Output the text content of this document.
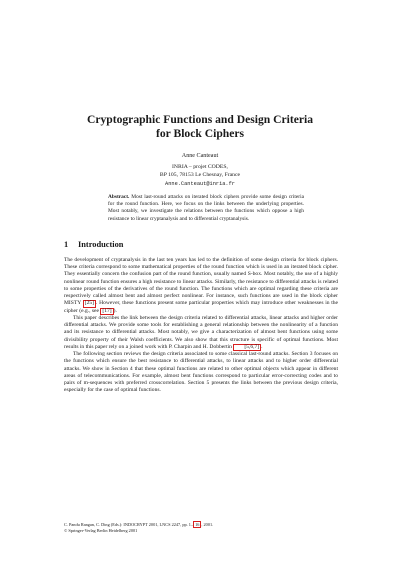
Cryptographic Functions and Design Criteria
for Block Ciphers
Anne Canteaut
INRIA – projet CODES,
BP 105, 78153 Le Chesnay, France
Anne.Canteaut@inria.fr
Abstract. Most last-round attacks on iterated block ciphers provide some design criteria for the round function. Here, we focus on the links between the underlying properties. Most notably, we investigate the relations between the functions which oppose a high resistance to linear cryptanalysis and to differential cryptanalysis.
1 Introduction

The development of cryptanalysis in the last ten years has led to the definition of some design criteria for block ciphers. These criteria correspond to some mathematical properties of the round function which is used in an iterated block cipher. They essentially concern the confusion part of the round function, usually named S-box. Most notably, the use of a highly nonlinear round function ensures a high resistance to linear attacks. Similarly, the resistance to differential attacks is related to some properties of the derivatives of the round function. The functions which are optimal regarding these criteria are respectively called almost bent and almost perfect nonlinear. For instance, such functions are used in the block cipher MISTY [25] . However, these functions present some particular properties which may introduce other weaknesses in the cipher (e.g., see [17] ).

This paper describes the link between the design criteria related to differential attacks, linear attacks and higher order differential attacks. We provide some tools for establishing a general relationship between the nonlinearity of a function and its resistance to differential attacks. Most notably, we give a characterization of almost bent functions using some divisibility property of their Walsh coefficients. We also show that this structure is specific of optimal functions. Most results in this paper rely on a joined work with P. Charpin and H. Dobbertin [5,6,7] .

The following section reviews the design criteria associated to some classical last-round attacks. Section 3 focuses on the functions which ensure the best resistance to differential attacks, to linear attacks and to higher order differential attacks. We show in Section 4 that these optimal functions are related to other optimal objects which appear in different areas of telecommunications. For example, almost bent functions correspond to particular error-correcting codes and to pairs of m-sequences with preferred crosscorrelation. Section 5 presents the links between the previous design criteria, especially for the case of optimal functions.

C. Pandu Rangan, C. Ding (Eds.): INDOCRYPT 2001, LNCS 2247, pp. 1– 16 , 2001.
© Springer-Verlag Berlin Heidelberg 2001
